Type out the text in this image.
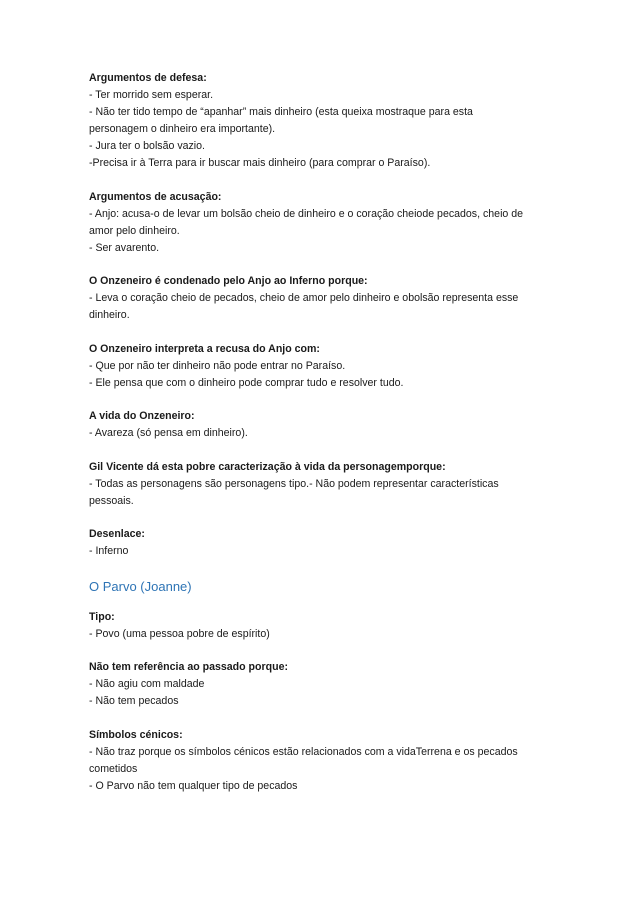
Argumentos de defesa:

- Ter morrido sem esperar.

- Não ter tido tempo de “apanhar” mais dinheiro (esta queixa mostraque para esta

personagem o dinheiro era importante).

- Jura ter o bolsão vazio.

-Precisa ir à Terra para ir buscar mais dinheiro (para comprar o Paraíso).

Argumentos de acusação:

- Anjo: acusa-o de levar um bolsão cheio de dinheiro e o coração cheiode pecados, cheio de

amor pelo dinheiro.

- Ser avarento.

O Onzeneiro é condenado pelo Anjo ao Inferno porque:

- Leva o coração cheio de pecados, cheio de amor pelo dinheiro e obolsão representa esse

dinheiro.

O Onzeneiro interpreta a recusa do Anjo com:

- Que por não ter dinheiro não pode entrar no Paraíso.

- Ele pensa que com o dinheiro pode comprar tudo e resolver tudo.

A vida do Onzeneiro:

- Avareza (só pensa em dinheiro).

Gil Vicente dá esta pobre caracterização à vida da personagemporque:

- Todas as personagens são personagens tipo.- Não podem representar características

pessoais.

Desenlace:

- Inferno

O Parvo (Joanne)

Tipo:

- Povo (uma pessoa pobre de espírito)

Não tem referência ao passado porque:

- Não agiu com maldade

- Não tem pecados

Símbolos cénicos:

- Não traz porque os símbolos cénicos estão relacionados com a vidaTerrena e os pecados

cometidos

- O Parvo não tem qualquer tipo de pecados
